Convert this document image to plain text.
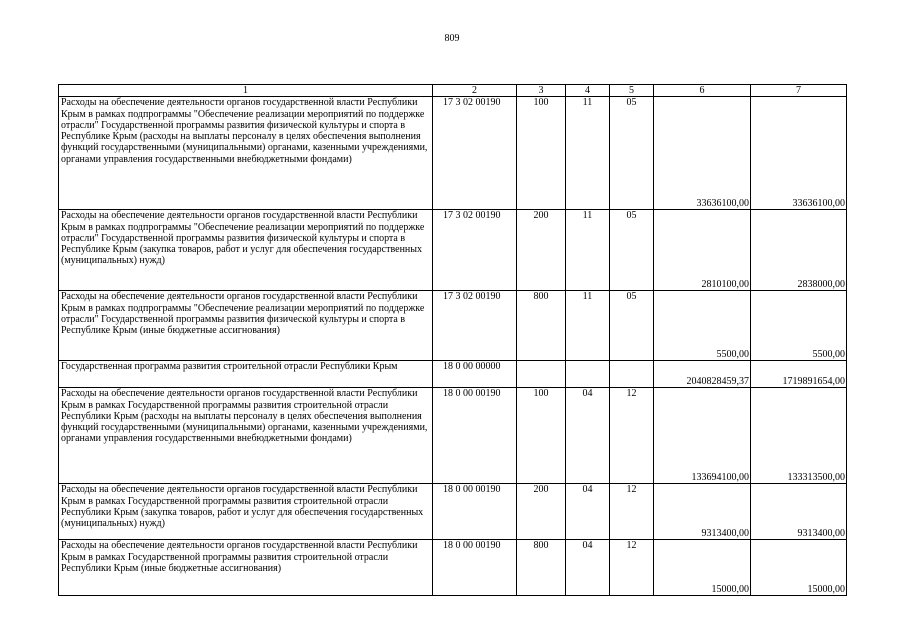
809
1	2	3	4	5	6	7
Расходы на обеспечение деятельности органов государственной власти Республики Крым в рамках подпрограммы "Обеспечение реализации мероприятий по поддержке отрасли" Государственной программы развития физической культуры и спорта в Республике Крым (расходы на выплаты персоналу в целях обеспечения выполнения функций государственными (муниципальными) органами, казенными учреждениями, органами управления государственными внебюджетными фондами)	17 3 02 00190	100	11	05	33636100,00	33636100,00
Расходы на обеспечение деятельности органов государственной власти Республики Крым в рамках подпрограммы "Обеспечение реализации мероприятий по поддержке отрасли" Государственной программы развития физической культуры и спорта в Республике Крым (закупка товаров, работ и услуг для обеспечения государственных (муниципальных) нужд)	17 3 02 00190	200	11	05	2810100,00	2838000,00
Расходы на обеспечение деятельности органов государственной власти Республики Крым в рамках подпрограммы "Обеспечение реализации мероприятий по поддержке отрасли" Государственной программы развития физической культуры и спорта в Республике Крым (иные бюджетные ассигнования)	17 3 02 00190	800	11	05	5500,00	5500,00
Государственная программа развития строительной отрасли Республики Крым	18 0 00 00000				2040828459,37	1719891654,00
Расходы на обеспечение деятельности органов государственной власти Республики Крым в рамках Государственной программы развития строительной отрасли Республики Крым (расходы на выплаты персоналу в целях обеспечения выполнения функций государственными (муниципальными) органами, казенными учреждениями, органами управления государственными внебюджетными фондами)	18 0 00 00190	100	04	12	133694100,00	133313500,00
Расходы на обеспечение деятельности органов государственной власти Республики Крым в рамках Государственной программы развития строительной отрасли Республики Крым (закупка товаров, работ и услуг для обеспечения государственных (муниципальных) нужд)	18 0 00 00190	200	04	12	9313400,00	9313400,00
Расходы на обеспечение деятельности органов государственной власти Республики Крым в рамках Государственной программы развития строительной отрасли Республики Крым (иные бюджетные ассигнования)	18 0 00 00190	800	04	12	15000,00	15000,00
